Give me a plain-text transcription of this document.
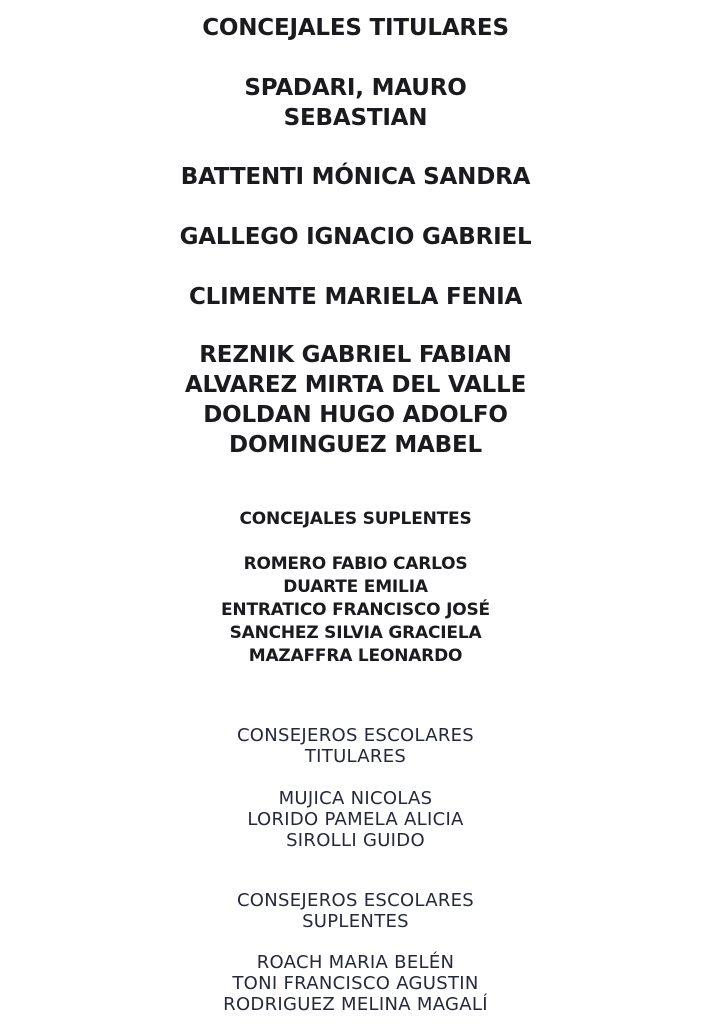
CONCEJALES TITULARES

SPADARI, MAURO

SEBASTIAN

BATTENTI MÓNICA SANDRA

GALLEGO IGNACIO GABRIEL

CLIMENTE MARIELA FENIA

REZNIK GABRIEL FABIAN

ALVAREZ MIRTA DEL VALLE

DOLDAN HUGO ADOLFO

DOMINGUEZ MABEL

CONCEJALES SUPLENTES

ROMERO FABIO CARLOS

DUARTE EMILIA

ENTRATICO FRANCISCO JOSÉ

SANCHEZ SILVIA GRACIELA

MAZAFFRA LEONARDO

CONSEJEROS ESCOLARES

TITULARES

MUJICA NICOLAS

LORIDO PAMELA ALICIA

SIROLLI GUIDO

CONSEJEROS ESCOLARES

SUPLENTES

ROACH MARIA BELÉN

TONI FRANCISCO AGUSTIN

RODRIGUEZ MELINA MAGALÍ
